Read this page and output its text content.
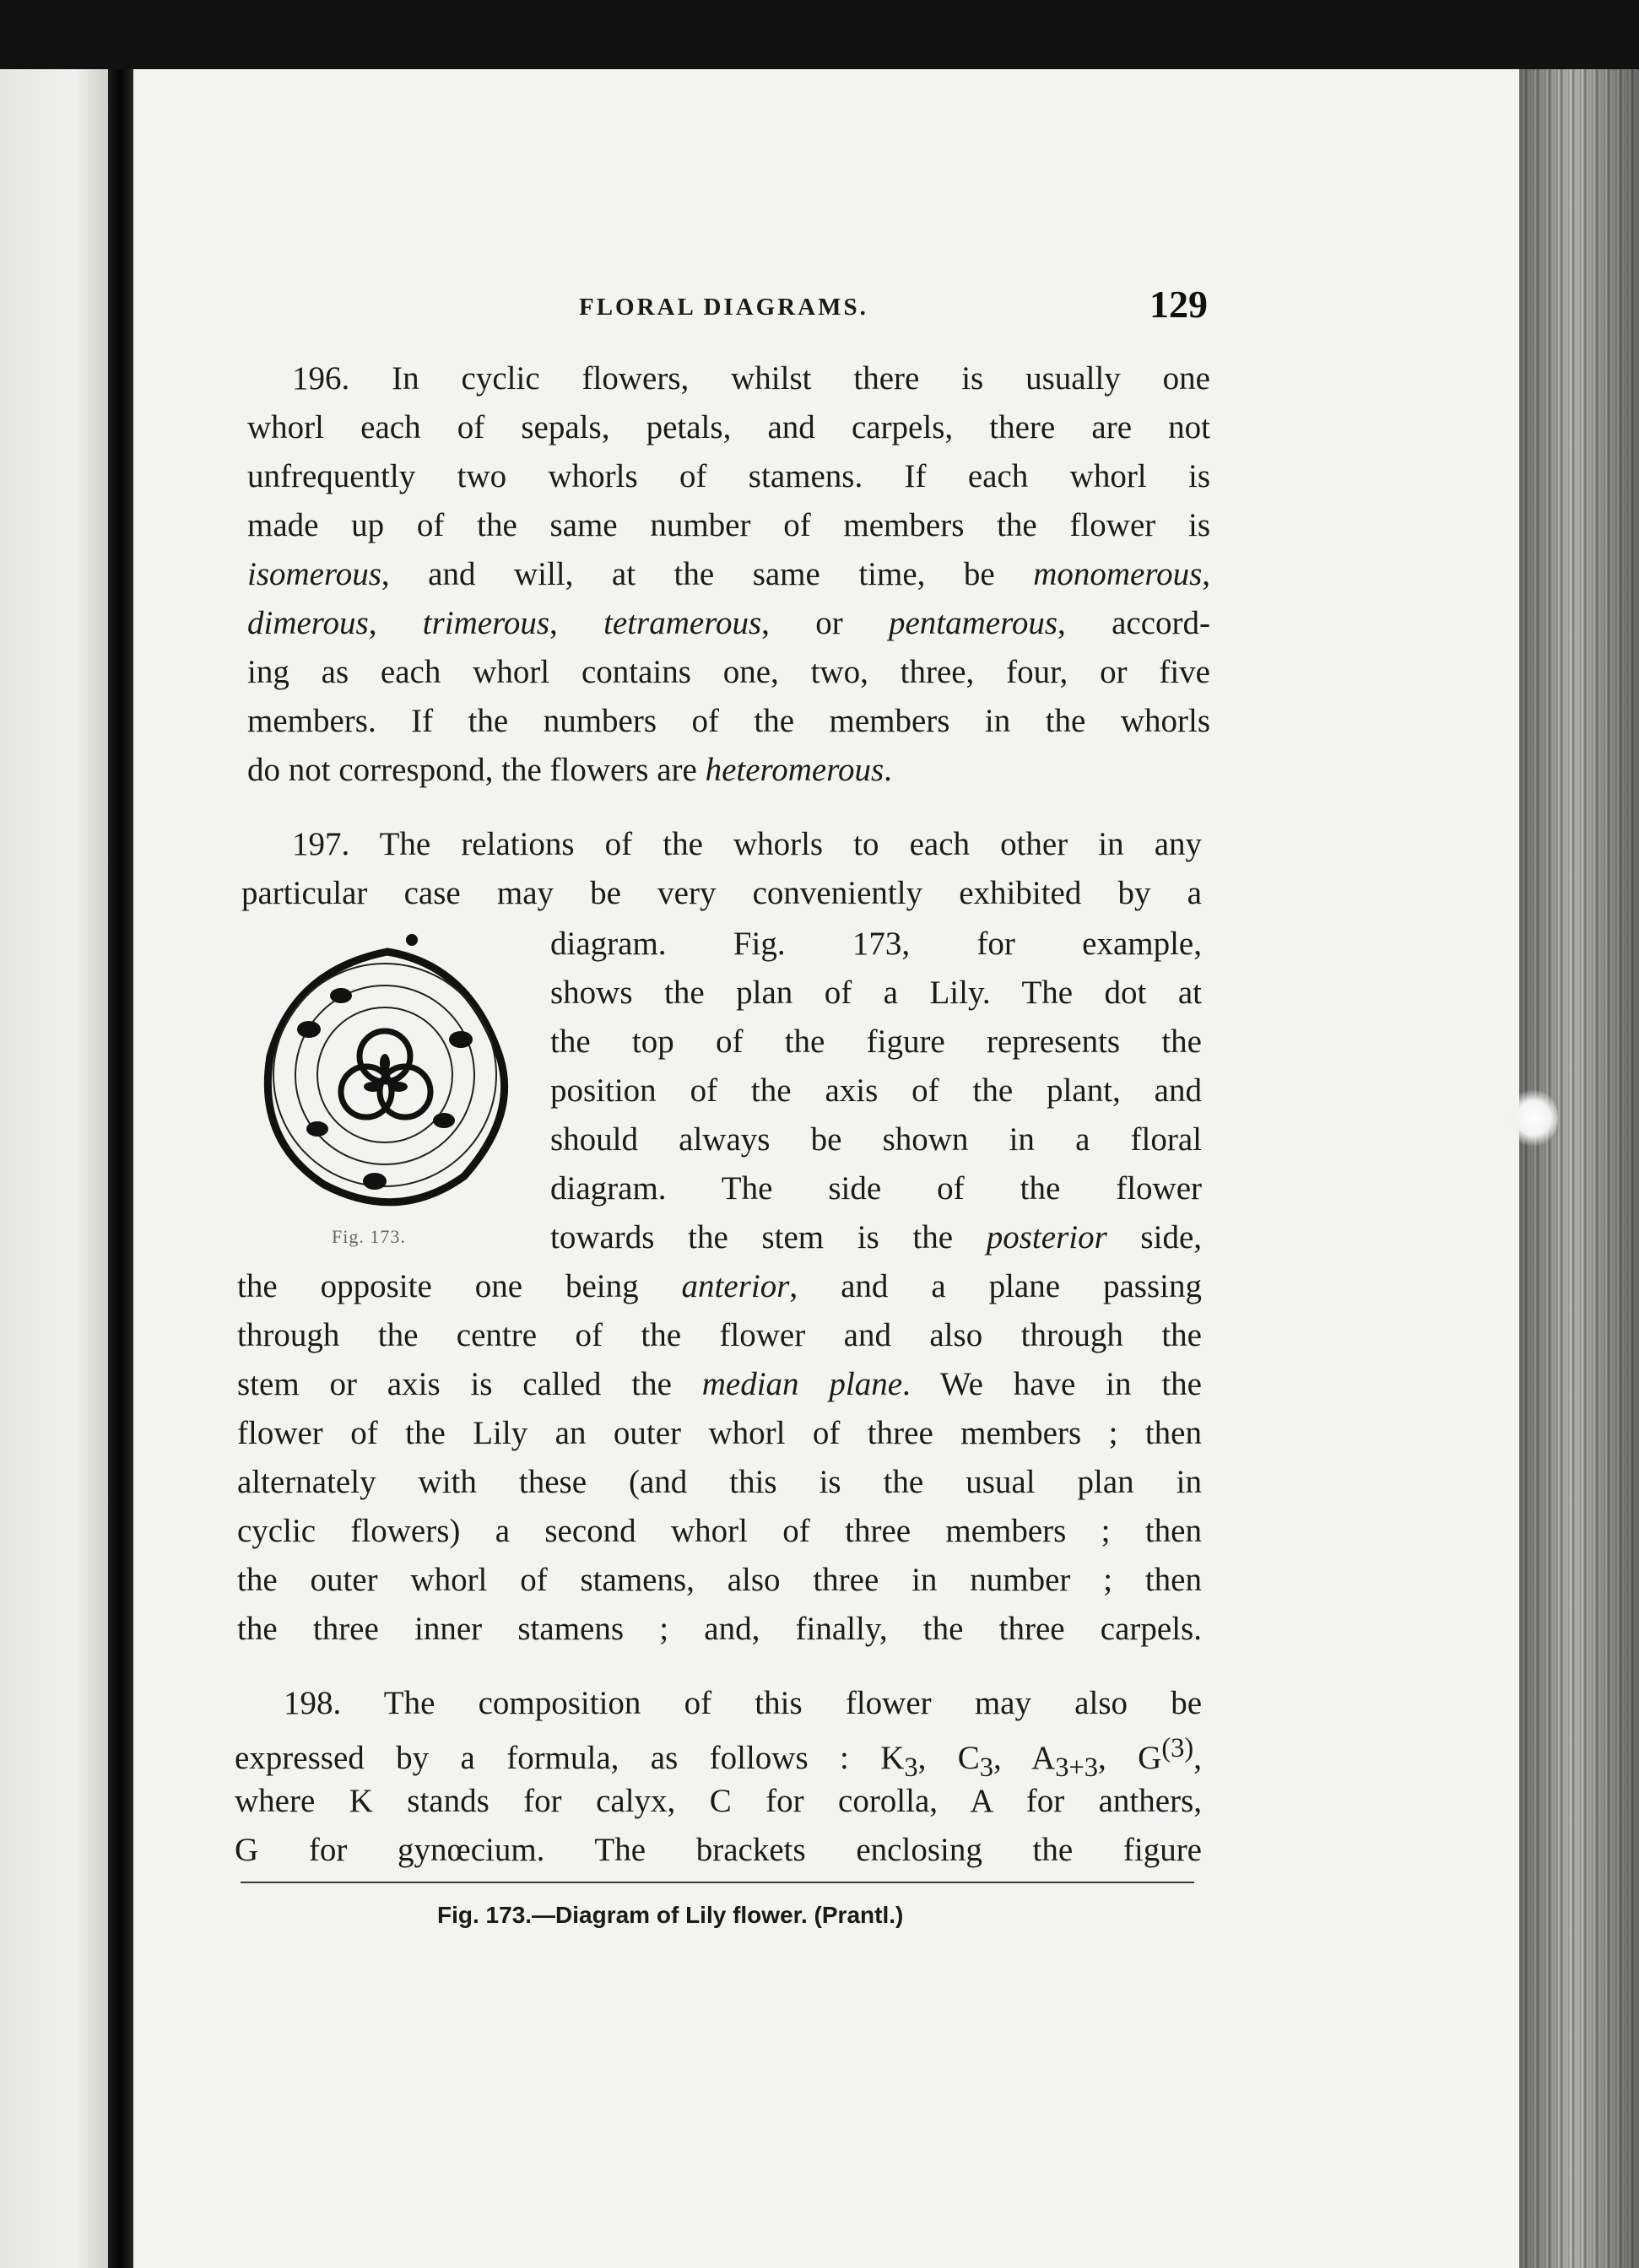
FLORAL DIAGRAMS.	129
196. In cyclic flowers, whilst there is usually one
whorl each of sepals, petals, and carpels, there are not
unfrequently two whorls of stamens. If each whorl is
made up of the same number of members the flower is
isomerous, and will, at the same time, be monomerous,
dimerous, trimerous, tetramerous, or pentamerous, accord-
ing as each whorl contains one, two, three, four, or five
members. If the numbers of the members in the whorls
do not correspond, the flowers are heteromerous.
197. The relations of the whorls to each other in any
particular case may be very conveniently exhibited by a
diagram. Fig. 173, for example,
shows the plan of a Lily. The dot at
the top of the figure represents the
position of the axis of the plant, and
should always be shown in a floral
diagram. The side of the flower
towards the stem is the posterior side,
the opposite one being anterior, and a plane passing
through the centre of the flower and also through the
stem or axis is called the median plane. We have in the
flower of the Lily an outer whorl of three members ; then
alternately with these (and this is the usual plan in
cyclic flowers) a second whorl of three members ; then
the outer whorl of stamens, also three in number ; then
the three inner stamens ; and, finally, the three carpels.
198. The composition of this flower may also be
expressed by a formula, as follows : $K_3$, $C_3$, $A_{3+3}$, $G^{(3)}$,
where K stands for calyx, C for corolla, A for anthers,
G for gynœcium. The brackets enclosing the figure
Fig. 173.
Fig. 173.—Diagram of Lily flower. (Prantl.)
